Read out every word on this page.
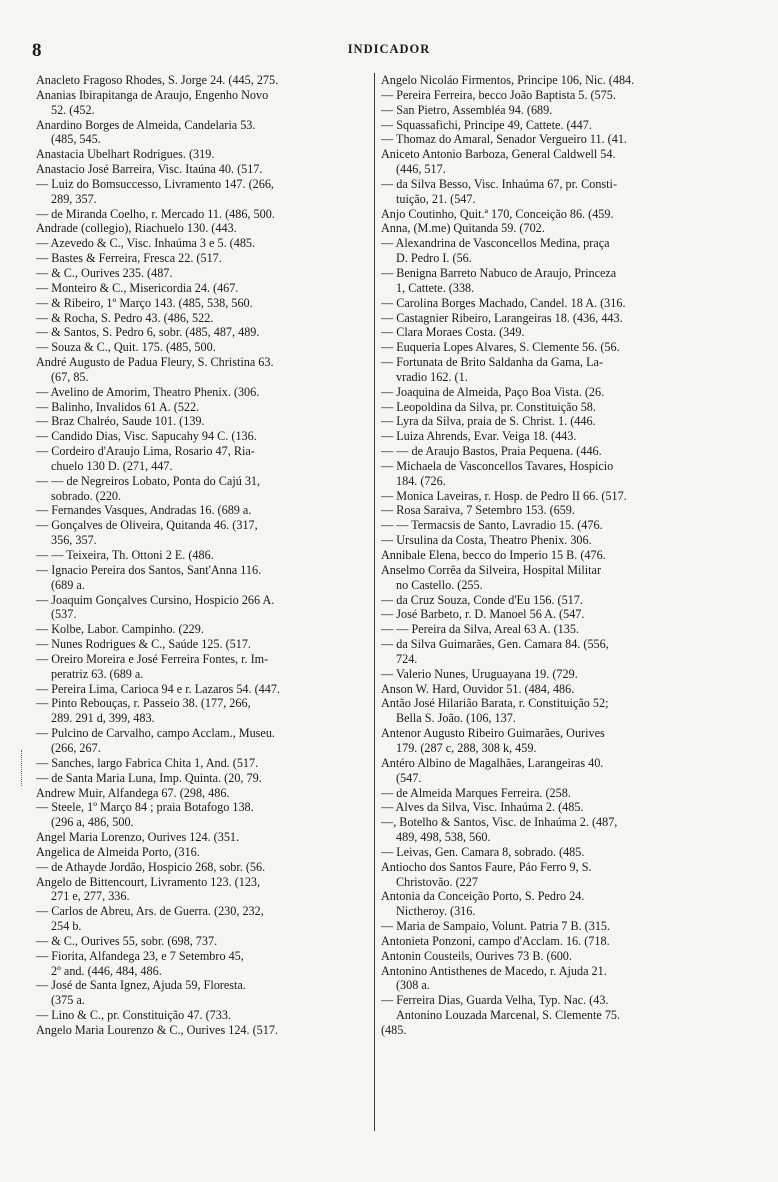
8	INDICADOR
Anacleto Fragoso Rhodes, S. Jorge 24. (445, 275.
Ananias Ibirapitanga de Araujo, Engenho Novo
52. (452.
Anardino Borges de Almeida, Candelaria 53.
(485, 545.
Anastacia Ubelhart Rodrigues. (319.
Anastacio José Barreira, Visc. Itaúna 40. (517.
— Luiz do Bomsuccesso, Livramento 147. (266,
289, 357.
— de Miranda Coelho, r. Mercado 11. (486, 500.
Andrade (collegio), Riachuelo 130. (443.
— Azevedo & C., Visc. Inhaúma 3 e 5. (485.
— Bastes & Ferreira, Fresca 22. (517.
— & C., Ourives 235. (487.
— Monteiro & C., Misericordia 24. (467.
— & Ribeiro, 1º Março 143. (485, 538, 560.
— & Rocha, S. Pedro 43. (486, 522.
— & Santos, S. Pedro 6, sobr. (485, 487, 489.
— Souza & C., Quit. 175. (485, 500.
André Augusto de Padua Fleury, S. Christina 63.
(67, 85.
— Avelino de Amorim, Theatro Phenix. (306.
— Balinho, Invalidos 61 A. (522.
— Braz Chalréo, Saude 101. (139.
— Candido Dias, Visc. Sapucahy 94 C. (136.
— Cordeiro d'Araujo Lima, Rosario 47, Ria-
chuelo 130 D. (271, 447.
— — de Negreiros Lobato, Ponta do Cajú 31,
sobrado. (220.
— Fernandes Vasques, Andradas 16. (689 a.
— Gonçalves de Oliveira, Quitanda 46. (317,
356, 357.
— — Teixeira, Th. Ottoni 2 E. (486.
— Ignacio Pereira dos Santos, Sant'Anna 116.
(689 a.
— Joaquim Gonçalves Cursino, Hospicio 266 A.
(537.
— Kolbe, Labor. Campinho. (229.
— Nunes Rodrigues & C., Saúde 125. (517.
— Oreiro Moreira e José Ferreira Fontes, r. Im-
peratriz 63. (689 a.
— Pereira Lima, Carioca 94 e r. Lazaros 54. (447.
— Pinto Rebouças, r. Passeio 38. (177, 266,
289. 291 d, 399, 483.
— Pulcino de Carvalho, campo Acclam., Museu.
(266, 267.
— Sanches, largo Fabrica Chita 1, And. (517.
— de Santa Maria Luna, Imp. Quinta. (20, 79.
Andrew Muir, Alfandega 67. (298, 486.
— Steele, 1º Março 84 ; praia Botafogo 138.
(296 a, 486, 500.
Angel Maria Lorenzo, Ourives 124. (351.
Angelica de Almeida Porto, (316.
— de Athayde Jordão, Hospicio 268, sobr. (56.
Angelo de Bittencourt, Livramento 123. (123,
271 e, 277, 336.
— Carlos de Abreu, Ars. de Guerra. (230, 232,
254 b.
— & C., Ourives 55, sobr. (698, 737.
— Fiorita, Alfandega 23, e 7 Setembro 45,
2º and. (446, 484, 486.
— José de Santa Ignez, Ajuda 59, Floresta.
(375 a.
— Lino & C., pr. Constituição 47. (733.
Angelo Maria Lourenzo & C., Ourives 124. (517.
Angelo Nicoláo Firmentos, Principe 106, Nic. (484.
— Pereira Ferreira, becco João Baptista 5. (575.
— San Pietro, Assembléa 94. (689.
— Squassafichi, Principe 49, Cattete. (447.
— Thomaz do Amaral, Senador Vergueiro 11. (41.
Aniceto Antonio Barboza, General Caldwell 54.
(446, 517.
— da Silva Besso, Visc. Inhaúma 67, pr. Consti-
tuição, 21. (547.
Anjo Coutinho, Quit.ª 170, Conceição 86. (459.
Anna, (M.me) Quitanda 59. (702.
— Alexandrina de Vasconcellos Medina, praça
D. Pedro I. (56.
— Benigna Barreto Nabuco de Araujo, Princeza
1, Cattete. (338.
— Carolina Borges Machado, Candel. 18 A. (316.
— Castagnier Ribeiro, Larangeiras 18. (436, 443.
— Clara Moraes Costa. (349.
— Euqueria Lopes Alvares, S. Clemente 56. (56.
— Fortunata de Brito Saldanha da Gama, La-
vradio 162. (1.
— Joaquina de Almeida, Paço Boa Vista. (26.
— Leopoldina da Silva, pr. Constituição 58.
— Lyra da Silva, praia de S. Christ. 1. (446.
— Luiza Ahrends, Evar. Veiga 18. (443.
— — de Araujo Bastos, Praia Pequena. (446.
— Michaela de Vasconcellos Tavares, Hospicio
184. (726.
— Monica Laveiras, r. Hosp. de Pedro II 66. (517.
— Rosa Saraiva, 7 Setembro 153. (659.
— — Termacsis de Santo, Lavradio 15. (476.
— Ursulina da Costa, Theatro Phenix. 306.
Annibale Elena, becco do Imperio 15 B. (476.
Anselmo Corrêa da Silveira, Hospital Militar
no Castello. (255.
— da Cruz Souza, Conde d'Eu 156. (517.
— José Barbeto, r. D. Manoel 56 A. (547.
— — Pereira da Silva, Areal 63 A. (135.
— da Silva Guimarães, Gen. Camara 84. (556,
724.
— Valerio Nunes, Uruguayana 19. (729.
Anson W. Hard, Ouvidor 51. (484, 486.
Antão José Hilarião Barata, r. Constituição 52;
Bella S. João. (106, 137.
Antenor Augusto Ribeiro Guimarães, Ourives
179. (287 c, 288, 308 k, 459.
Antéro Albino de Magalhães, Larangeiras 40.
(547.
— de Almeida Marques Ferreira. (258.
— Alves da Silva, Visc. Inhaúma 2. (485.
—, Botelho & Santos, Visc. de Inhaúma 2. (487,
489, 498, 538, 560.
— Leivas, Gen. Camara 8, sobrado. (485.
Antiocho dos Santos Faure, Páo Ferro 9, S.
Christovão. (227
Antonia da Conceição Porto, S. Pedro 24.
Nictheroy. (316.
— Maria de Sampaio, Volunt. Patria 7 B. (315.
Antonieta Ponzoni, campo d'Acclam. 16. (718.
Antonin Cousteils, Ourives 73 B. (600.
Antonino Antisthenes de Macedo, r. Ajuda 21.
(308 a.
— Ferreira Dias, Guarda Velha, Typ. Nac. (43.
Antonino Louzada Marcenal, S. Clemente 75.
(485.
